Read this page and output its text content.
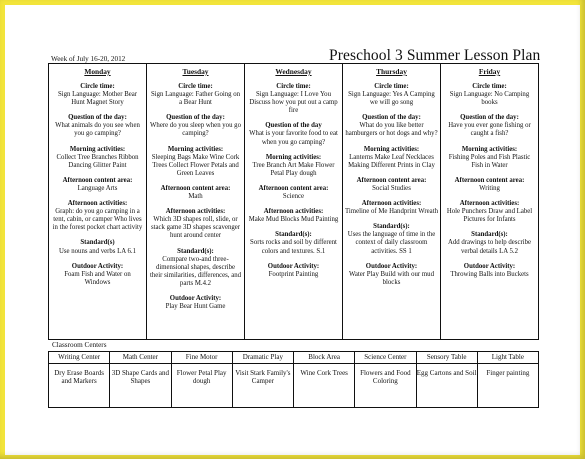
Week of July 16-20, 2012	Preschool 3 Summer Lesson Plan
Monday
Circle time:
Sign Language: Mother Bear Hunt Magnet Story
Question of the day:
What animals do you see when you go camping?
Morning activities:
Collect Tree Branches Ribbon Dancing Glitter Paint
Afternoon content area:
Language Arts
Afternoon activities:
Graph: do you go camping in a tent, cabin, or camper Who lives in the forest pocket chart activity
Standard(s)
Use nouns and verbs LA 6.1
Outdoor Activity:
Foam Fish and Water on Windows
Tuesday
Circle time:
Sign Language: Father Going on a Bear Hunt
Question of the day:
Where do you sleep when you go camping?
Morning activities:
Sleeping Bags Make Wine Cork Trees Collect Flower Petals and Green Leaves
Afternoon content area:
Math
Afternoon activities:
Which 3D shapes roll, slide, or stack game 3D shapes scavenger hunt around center
Standard(s):
Compare two-and three-dimensional shapes, describe their similarities, differences, and parts M.4.2
Outdoor Activity:
Play Bear Hunt Game
Wednesday
Circle time:
Sign Language: I Love You Discuss how you put out a camp fire
Question of the day
What is your favorite food to eat when you go camping?
Morning activities:
Tree Branch Art Make Flower Petal Play dough
Afternoon content area:
Science
Afternoon activities:
Make Mud Blocks Mud Painting
Standard(s):
Sorts rocks and soil by different colors and textures. S.1
Outdoor Activity:
Footprint Painting
Thursday
Circle time:
Sign Language: Yes A Camping we will go song
Question of the day:
What do you like better hamburgers or hot dogs and why?
Morning activities:
Lanterns Make Leaf Necklaces Making Different Prints in Clay
Afternoon content area:
Social Studies
Afternoon activities:
Timeline of Me Handprint Wreath
Standard(s):
Uses the language of time in the context of daily classroom activities. SS 1
Outdoor Activity:
Water Play Build with our mud blocks
Friday
Circle time:
Sign Language: No Camping books
Question of the day:
Have you ever gone fishing or caught a fish?
Morning activities:
Fishing Poles and Fish Plastic Fish in Water
Afternoon content area:
Writing
Afternoon activities:
Hole Punchers Draw and Label Pictures for Infants
Standard(s):
Add drawings to help describe verbal details LA 5.2
Outdoor Activity:
Throwing Balls into Buckets
Classroom Centers
Writing Center
Dry Erase Boards and Markers
Math Center
3D Shape Cards and Shapes
Fine Motor
Flower Petal Play dough
Dramatic Play
Visit Stark Family's Camper
Block Area
Wine Cork Trees
Science Center
Flowers and Food Coloring
Sensory Table
Egg Cartons and Soil
Light Table
Finger painting
